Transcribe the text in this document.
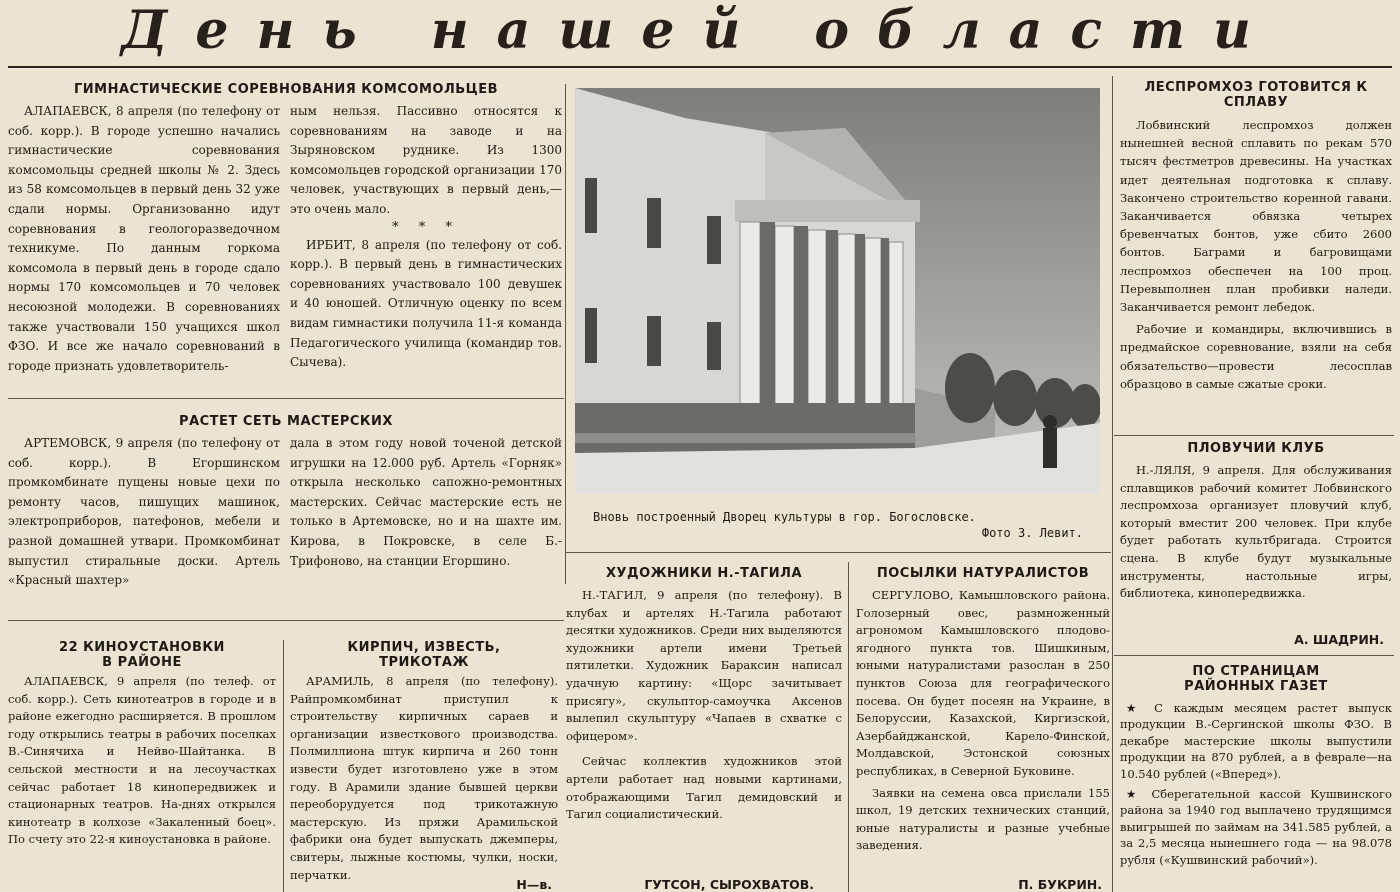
День нашей области
ГИМНАСТИЧЕСКИЕ СОРЕВНОВАНИЯ КОМСОМОЛЬЦЕВ

АЛАПАЕВСК, 8 апреля (по телефону от соб. корр.). В городе успешно начались гимнастические соревнования комсомольцы средней школы № 2. Здесь из 58 комсомольцев в первый день 32 уже сдали нормы. Организованно идут соревнования в геологоразведочном техникуме. По данным горкома комсомола в первый день в городе сдало нормы 170 комсомольцев и 70 человек несоюзной молодежи. В соревнованиях также участвовали 150 учащихся школ ФЗО. И все же начало соревнований в городе признать удовлетворитель-

ным нельзя. Пассивно относятся к соревнованиям на заводе и на Зыряновском руднике. Из 1300 комсомольцев городской организации 170 человек, участвующих в первый день,—это очень мало.

* * *

ИРБИТ, 8 апреля (по телефону от соб. корр.). В первый день в гимнастических соревнованиях участвовало 100 девушек и 40 юношей. Отличную оценку по всем видам гимнастики получила 11-я команда Педагогического училища (командир тов. Сычева).

РАСТЕТ СЕТЬ МАСТЕРСКИХ

АРТЕМОВСК, 9 апреля (по телефону от соб. корр.). В Егоршинском промкомбинате пущены новые цехи по ремонту часов, пишущих машинок, электроприборов, патефонов, мебели и разной домашней утвари. Промкомбинат выпустил стиральные доски. Артель «Красный шахтер»

дала в этом году новой точеной детской игрушки на 12.000 руб. Артель «Горняк» открыла несколько сапожно-ремонтных мастерских. Сейчас мастерские есть не только в Артемовске, но и на шахте им. Кирова, в Покровске, в селе Б.-Трифоново, на станции Егоршино.

22 КИНОУСТАНОВКИ В РАЙОНЕ

АЛАПАЕВСК, 9 апреля (по телеф. от соб. корр.). Сеть кинотеатров в городе и в районе ежегодно расширяется. В прошлом году открылись театры в рабочих поселках В.-Синячиха и Нейво-Шайтанка. В сельской местности и на лесоучастках сейчас работает 18 кинопередвижек и стационарных театров. На-днях открылся кинотеатр в колхозе «Закаленный боец». По счету это 22-я киноустановка в районе.

КИРПИЧ, ИЗВЕСТЬ, ТРИКОТАЖ

АРАМИЛЬ, 8 апреля (по телефону). Райпромкомбинат приступил к строительству кирпичных сараев и организации известкового производства. Полмиллиона штук кирпича и 260 тонн извести будет изготовлено уже в этом году. В Арамили здание бывшей церкви переоборудуется под трикотажную мастерскую. Из пряжи Арамильской фабрики она будет выпускать джемперы, свитеры, лыжные костюмы, чулки, носки, перчатки.

Н—в.

Вновь построенный Дворец культуры в гор. Богословске.
Фото З. Левит.
ХУДОЖНИКИ Н.-ТАГИЛА

Н.-ТАГИЛ, 9 апреля (по телефону). В клубах и артелях Н.-Тагила работают десятки художников. Среди них выделяются художники артели имени Третьей пятилетки. Художник Бараксин написал удачную картину: «Щорс зачитывает присягу», скульптор-самоучка Аксенов вылепил скульптуру «Чапаев в схватке с офицером».

Сейчас коллектив художников этой артели работает над новыми картинами, отображающими Тагил демидовский и Тагил социалистический.

ГУТСОН, СЫРОХВАТОВ.

ПОСЫЛКИ НАТУРАЛИСТОВ

СЕРГУЛОВО, Камышловского района. Голозерный овес, размноженный агрономом Камышловского плодово-ягодного пункта тов. Шишкиным, юными натуралистами разослан в 250 пунктов Союза для географического посева. Он будет посеян на Украине, в Белоруссии, Казахской, Киргизской, Азербайджанской, Карело-Финской, Молдавской, Эстонской союзных республиках, в Северной Буковине.

Заявки на семена овса прислали 155 школ, 19 детских технических станций, юные натуралисты и разные учебные заведения.

П. БУКРИН.

ЛЕСПРОМХОЗ ГОТОВИТСЯ К СПЛАВУ

Лобвинский леспромхоз должен нынешней весной сплавить по рекам 570 тысяч фестметров древесины. На участках идет деятельная подготовка к сплаву. Закончено строительство коренной гавани. Заканчивается обвязка четырех бревенчатых бонтов, уже сбито 2600 бонтов. Баграми и багровищами леспромхоз обеспечен на 100 проц. Перевыполнен план пробивки наледи. Заканчивается ремонт лебедок.

Рабочие и командиры, включившись в предмайское соревнование, взяли на себя обязательство—провести лесосплав образцово в самые сжатые сроки.

ПЛОВУЧИЙ КЛУБ

Н.-ЛЯЛЯ, 9 апреля. Для обслуживания сплавщиков рабочий комитет Лобвинского леспромхоза организует пловучий клуб, который вместит 200 человек. При клубе будет работать культбригада. Строится сцена. В клубе будут музыкальные инструменты, настольные игры, библиотека, кинопередвижка.

А. ШАДРИН.

ПО СТРАНИЦАМ РАЙОННЫХ ГАЗЕТ

★ С каждым месяцем растет выпуск продукции В.-Сергинской школы ФЗО. В декабре мастерские школы выпустили продукции на 870 рублей, а в феврале—на 10.540 рублей («Вперед»).

★ Сберегательной кассой Кушвинского района за 1940 год выплачено трудящимся выигрышей по займам на 341.585 рублей, а за 2,5 месяца нынешнего года — на 98.078 рубля («Кушвинский рабочий»).
